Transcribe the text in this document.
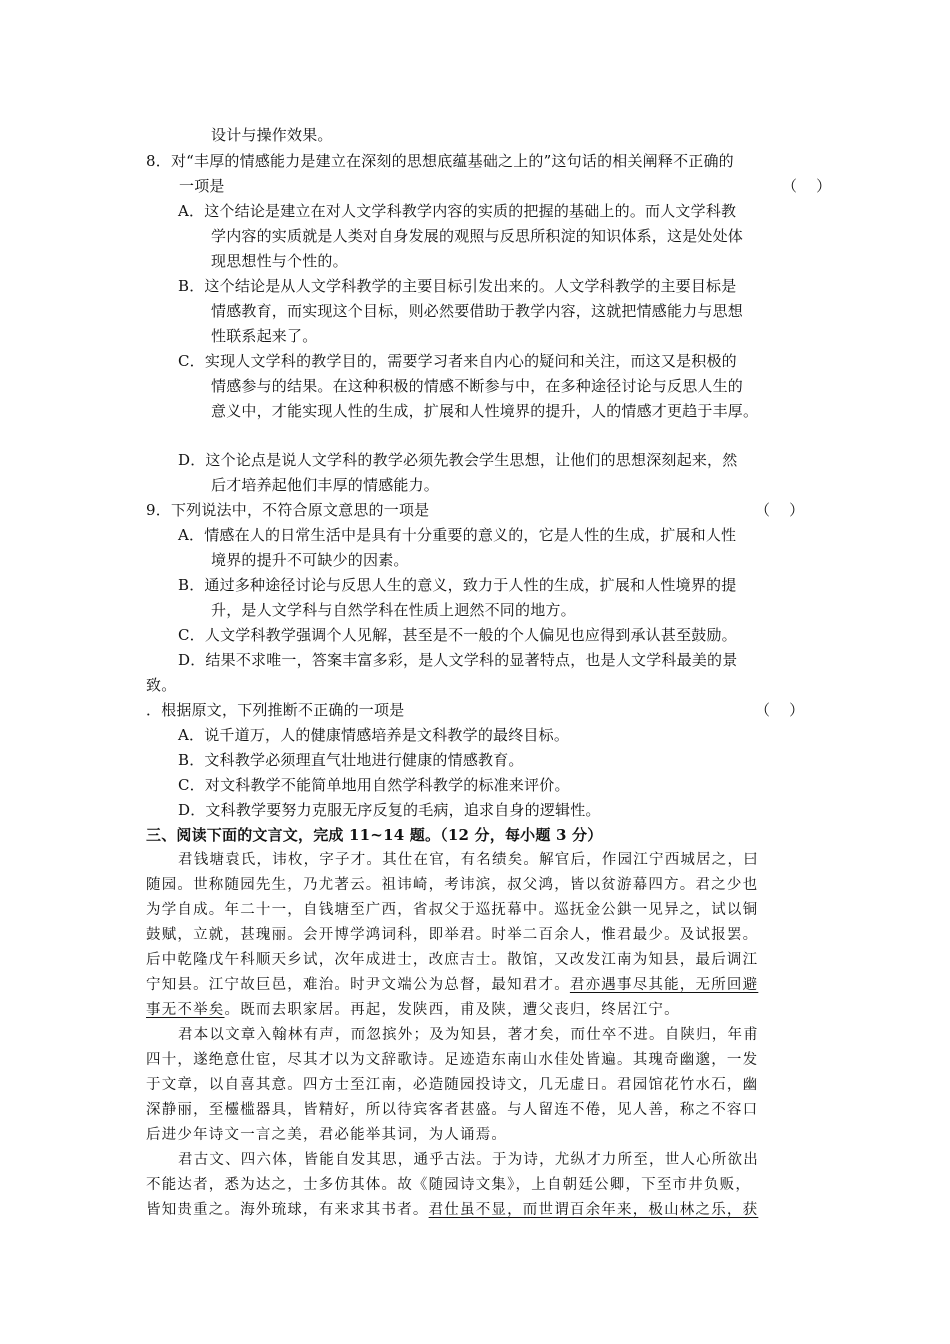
设计与操作效果。
8．对“丰厚的情感能力是建立在深刻的思想底蕴基础之上的”这句话的相关阐释不正确的
一项是	（    ）
A．这个结论是建立在对人文学科教学内容的实质的把握的基础上的。而人文学科教
学内容的实质就是人类对自身发展的观照与反思所积淀的知识体系，这是处处体
现思想性与个性的。
B．这个结论是从人文学科教学的主要目标引发出来的。人文学科教学的主要目标是
情感教育，而实现这个目标，则必然要借助于教学内容，这就把情感能力与思想
性联系起来了。
C．实现人文学科的教学目的，需要学习者来自内心的疑问和关注，而这又是积极的
情感参与的结果。在这种积极的情感不断参与中，在多种途径讨论与反思人生的
意义中，才能实现人性的生成，扩展和人性境界的提升，人的情感才更趋于丰厚。
D．这个论点是说人文学科的教学必须先教会学生思想，让他们的思想深刻起来，然
后才培养起他们丰厚的情感能力。
9．下列说法中，不符合原文意思的一项是	（    ）
A．情感在人的日常生活中是具有十分重要的意义的，它是人性的生成，扩展和人性
境界的提升不可缺少的因素。
B．通过多种途径讨论与反思人生的意义，致力于人性的生成，扩展和人性境界的提
升，是人文学科与自然学科在性质上迥然不同的地方。
C．人文学科教学强调个人见解，甚至是不一般的个人偏见也应得到承认甚至鼓励。
D．结果不求唯一，答案丰富多彩，是人文学科的显著特点，也是人文学科最美的景
致。
．根据原文，下列推断不正确的一项是	（    ）
A．说千道万，人的健康情感培养是文科教学的最终目标。
B．文科教学必须理直气壮地进行健康的情感教育。
C．对文科教学不能简单地用自然学科教学的标准来评价。
D．文科教学要努力克服无序反复的毛病，追求自身的逻辑性。
三、阅读下面的文言文，完成 11~14 题。（12 分，每小题 3 分）
君钱塘袁氏，讳枚，字子才。其仕在官，有名绩矣。解官后，作园江宁西城居之，曰
随园。世称随园先生，乃尤著云。祖讳崎，考讳滨，叔父鸿，皆以贫游幕四方。君之少也
为学自成。年二十一，自钱塘至广西，省叔父于巡抚幕中。巡抚金公鉷一见异之，试以铜
鼓赋，立就，甚瑰丽。会开博学鸿词科，即举君。时举二百余人，惟君最少。及试报罢。
后中乾隆戊午科顺天乡试，次年成进士，改庶吉士。散馆，又改发江南为知县，最后调江
宁知县。江宁故巨邑，难治。时尹文端公为总督，最知君才。君亦遇事尽其能，无所回避
事无不举矣。既而去职家居。再起，发陕西，甫及陕，遭父丧归，终居江宁。
君本以文章入翰林有声，而忽摈外；及为知县，著才矣，而仕卒不进。自陕归，年甫
四十，遂绝意仕宦，尽其才以为文辞歌诗。足迹造东南山水佳处皆遍。其瑰奇幽邈，一发
于文章，以自喜其意。四方士至江南，必造随园投诗文，几无虚日。君园馆花竹水石，幽
深静丽，至欞槛器具，皆精好，所以待宾客者甚盛。与人留连不倦，见人善，称之不容口
后进少年诗文一言之美，君必能举其词，为人诵焉。
君古文、四六体，皆能自发其思，通乎古法。于为诗，尤纵才力所至，世人心所欲出
不能达者，悉为达之，士多仿其体。故《随园诗文集》，上自朝廷公卿，下至市井负贩，
皆知贵重之。海外琉球，有来求其书者。君仕虽不显，而世谓百余年来，极山林之乐，获
